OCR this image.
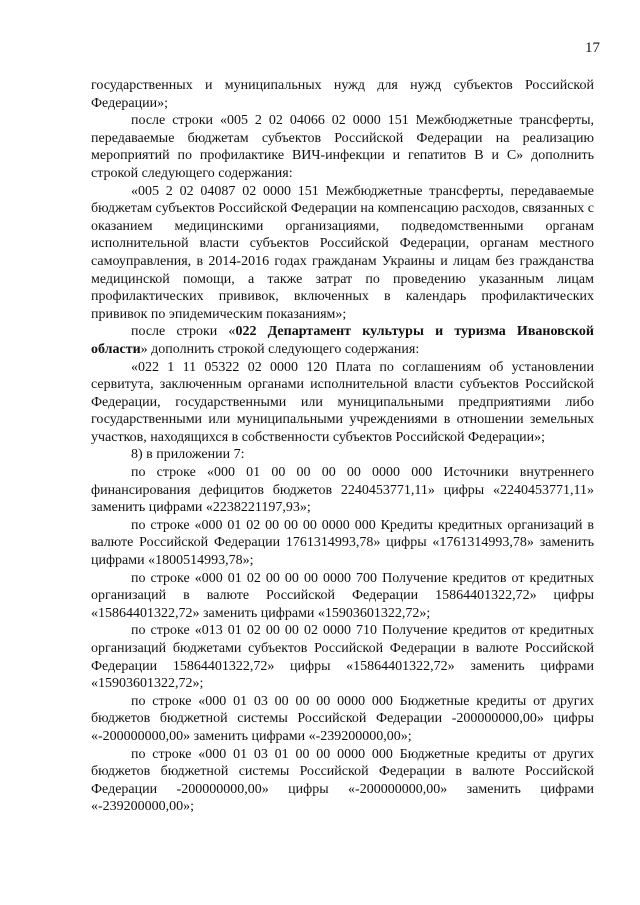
17

государственных и муниципальных нужд для нужд субъектов Российской Федерации»;

после строки «005 2 02 04066 02 0000 151 Межбюджетные трансферты, передаваемые бюджетам субъектов Российской Федерации на реализацию мероприятий по профилактике ВИЧ-инфекции и гепатитов B и C» дополнить строкой следующего содержания:

«005 2 02 04087 02 0000 151 Межбюджетные трансферты, передаваемые бюджетам субъектов Российской Федерации на компенсацию расходов, связанных с оказанием медицинскими организациями, подведомственными органам исполнительной власти субъектов Российской Федерации, органам местного самоуправления, в 2014-2016 годах гражданам Украины и лицам без гражданства медицинской помощи, а также затрат по проведению указанным лицам профилактических прививок, включенных в календарь профилактических прививок по эпидемическим показаниям»;

после строки «022 Департамент культуры и туризма Ивановской области» дополнить строкой следующего содержания:

«022 1 11 05322 02 0000 120 Плата по соглашениям об установлении сервитута, заключенным органами исполнительной власти субъектов Российской Федерации, государственными или муниципальными предприятиями либо государственными или муниципальными учреждениями в отношении земельных участков, находящихся в собственности субъектов Российской Федерации»;

8) в приложении 7:

по строке «000 01 00 00 00 00 0000 000 Источники внутреннего финансирования дефицитов бюджетов 2240453771,11» цифры «2240453771,11» заменить цифрами «2238221197,93»;

по строке «000 01 02 00 00 00 0000 000 Кредиты кредитных организаций в валюте Российской Федерации 1761314993,78» цифры «1761314993,78» заменить цифрами «1800514993,78»;

по строке «000 01 02 00 00 00 0000 700 Получение кредитов от кредитных организаций в валюте Российской Федерации 15864401322,72» цифры «15864401322,72» заменить цифрами «15903601322,72»;

по строке «013 01 02 00 00 02 0000 710 Получение кредитов от кредитных организаций бюджетами субъектов Российской Федерации в валюте Российской Федерации 15864401322,72» цифры «15864401322,72» заменить цифрами «15903601322,72»;

по строке «000 01 03 00 00 00 0000 000 Бюджетные кредиты от других бюджетов бюджетной системы Российской Федерации -200000000,00» цифры «-200000000,00» заменить цифрами «-239200000,00»;

по строке «000 01 03 01 00 00 0000 000 Бюджетные кредиты от других бюджетов бюджетной системы Российской Федерации в валюте Российской Федерации -200000000,00» цифры «-200000000,00» заменить цифрами «-239200000,00»;
